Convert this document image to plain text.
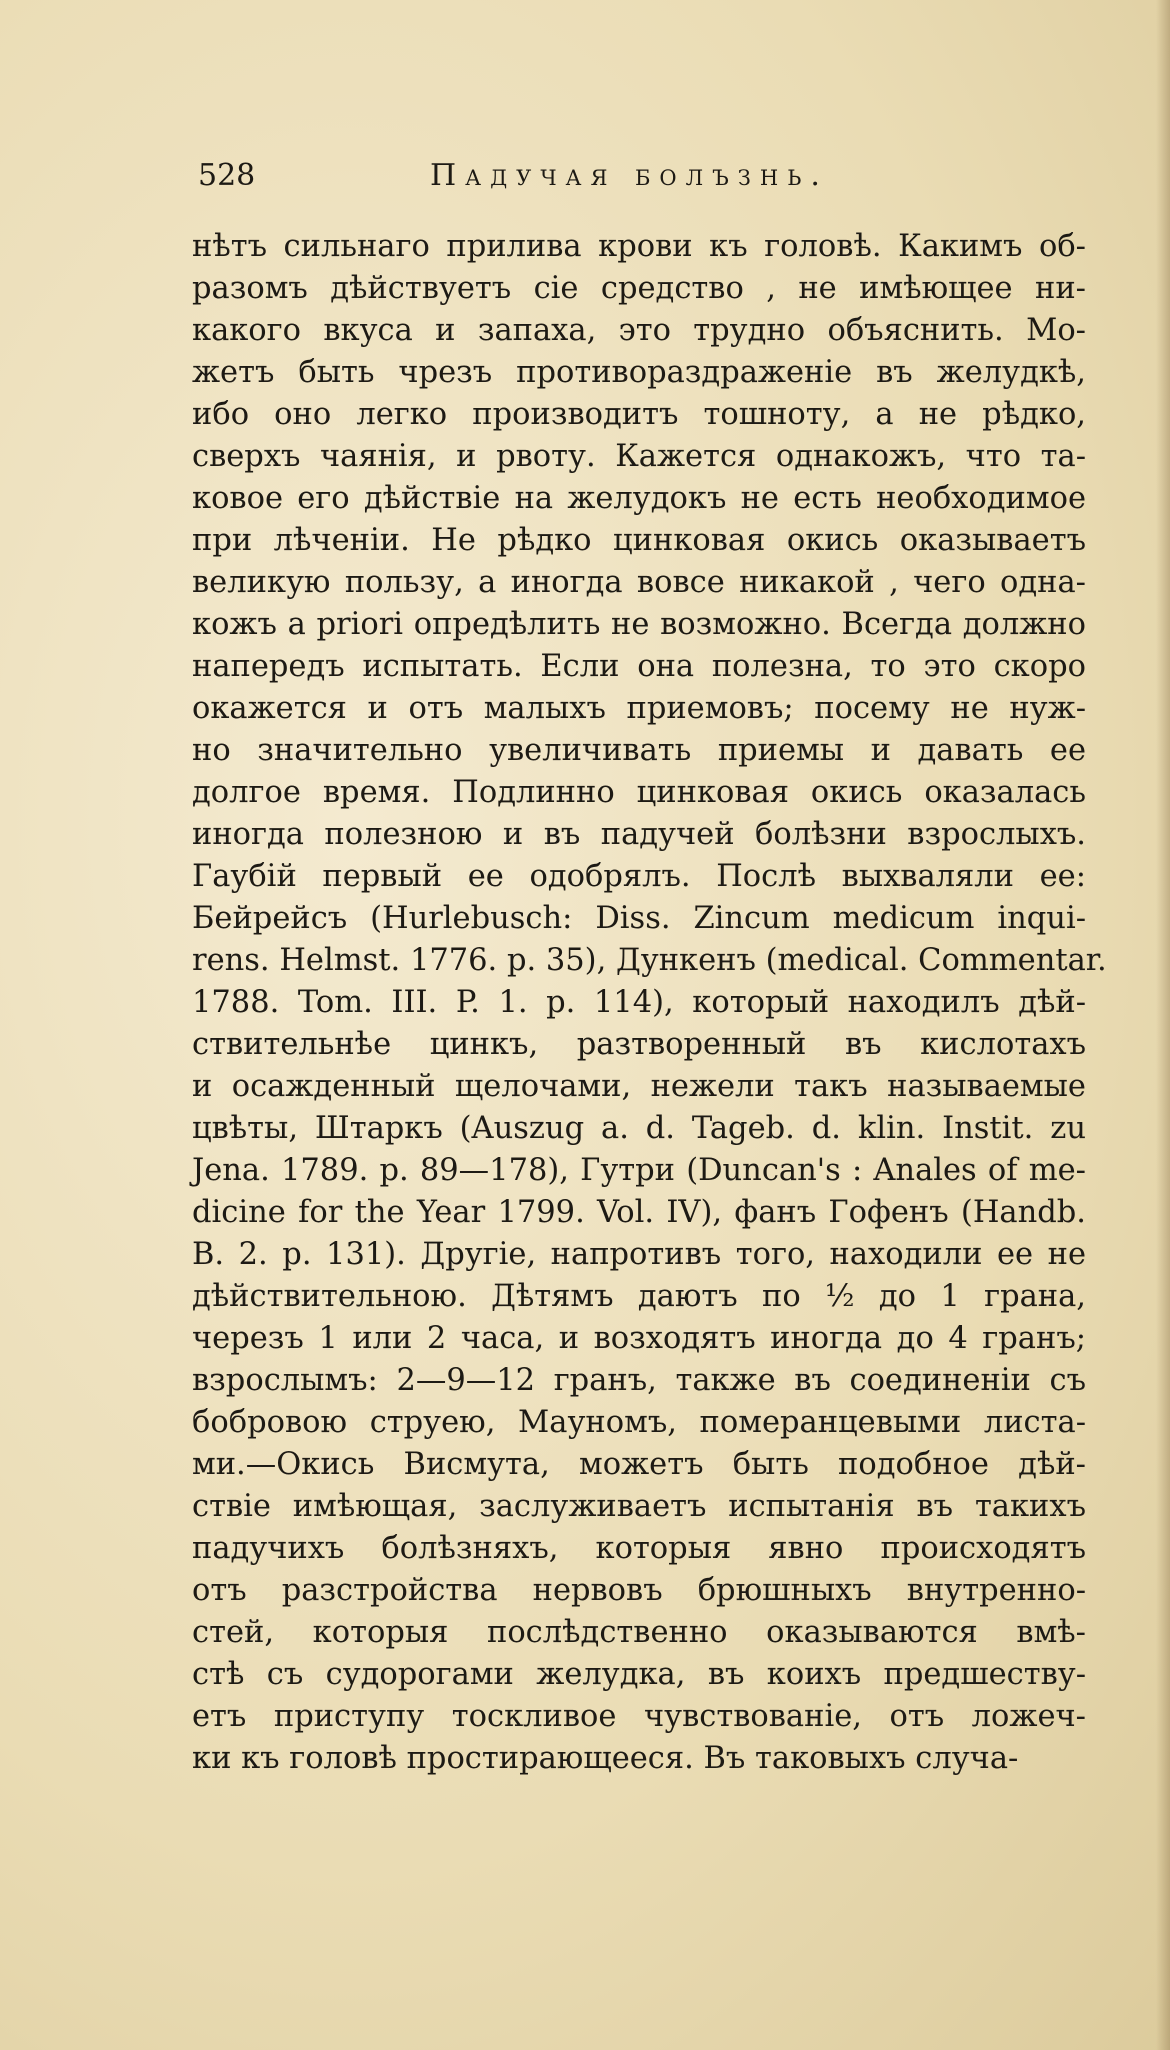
528	Падучая болъзнь.
нѣтъ сильнаго прилива крови къ головѣ. Какимъ об-
разомъ дѣйствуетъ сіе средство , не имѣющее ни-
какого вкуса и запаха, это трудно объяснить. Мо-
жетъ быть чрезъ противораздраженіе въ желудкѣ,
ибо оно легко производитъ тошноту, а не рѣдко,
сверхъ чаянія, и рвоту. Кажется однакожъ, что та-
ковое его дѣйствіе на желудокъ не есть необходимое
при лѣченіи. Не рѣдко цинковая окись оказываетъ
великую пользу, а иногда вовсе никакой , чего одна-
кожъ a priori опредѣлить не возможно. Всегда должно
напередъ испытать. Если она полезна, то это скоро
окажется и отъ малыхъ приемовъ; посему не нуж-
но значительно увеличивать приемы и давать ее
долгое время. Подлинно цинковая окись оказалась
иногда полезною и въ падучей болѣзни взрослыхъ.
Гаубій первый ее одобрялъ. Послѣ выхваляли ее:
Бейрейсъ (Hurlebusch: Diss. Zincum medicum inqui-
rens. Helmst. 1776. p. 35), Дункенъ (medical. Commentar.
1788. Tom. III. P. 1. p. 114), который находилъ дѣй-
ствительнѣе цинкъ, разтворенный въ кислотахъ
и осажденный щелочами, нежели такъ называемые
цвѣты, Штаркъ (Auszug a. d. Tageb. d. klin. Instit. zu
Jena. 1789. p. 89—178), Гутри (Duncan's : Anales of me-
dicine for the Year 1799. Vol. IV), фанъ Гофенъ (Handb.
B. 2. p. 131). Другіе, напротивъ того, находили ее не
дѣйствительною. Дѣтямъ даютъ по ½ до 1 грана,
черезъ 1 или 2 часа, и возходятъ иногда до 4 гранъ;
взрослымъ: 2—9—12 гранъ, также въ соединеніи съ
бобровою струею, Мауномъ, померанцевыми листа-
ми.—Окись Висмута, можетъ быть подобное дѣй-
ствіе имѣющая, заслуживаетъ испытанія въ такихъ
падучихъ болѣзняхъ, которыя явно происходятъ
отъ разстройства нервовъ брюшныхъ внутренно-
стей, которыя послѣдственно оказываются вмѣ-
стѣ съ судорогами желудка, въ коихъ предшеству-
етъ приступу тоскливое чувствованіе, отъ ложеч-
ки къ головѣ простирающееся. Въ таковыхъ случа-
